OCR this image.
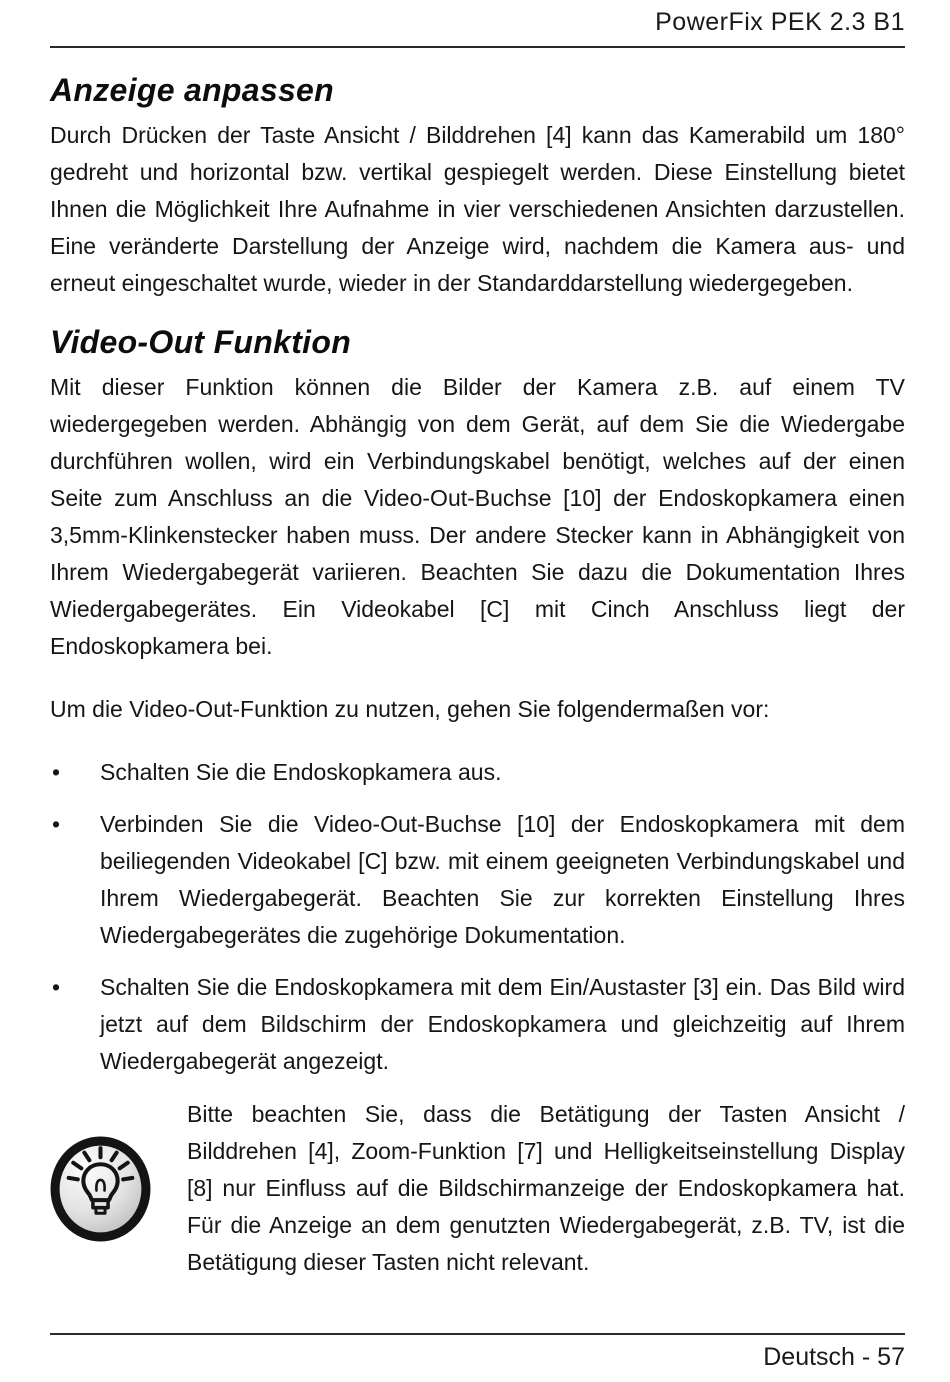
PowerFix PEK 2.3 B1
Anzeige anpassen

Durch Drücken der Taste Ansicht / Bilddrehen [4] kann das Kamerabild um 180° gedreht und horizontal bzw. vertikal gespiegelt werden. Diese Einstellung bietet Ihnen die Möglichkeit Ihre Aufnahme in vier verschiedenen Ansichten darzustellen. Eine veränderte Darstellung der Anzeige wird, nachdem die Kamera aus- und erneut eingeschaltet wurde, wieder in der Standarddarstellung wiedergegeben.

Video-Out Funktion

Mit dieser Funktion können die Bilder der Kamera z.B. auf einem TV wiedergegeben werden. Abhängig von dem Gerät, auf dem Sie die Wiedergabe durchführen wollen, wird ein Verbindungskabel benötigt, welches auf der einen Seite zum Anschluss an die Video-Out-Buchse [10] der Endoskopkamera einen 3,5mm-Klinkenstecker haben muss. Der andere Stecker kann in Abhängigkeit von Ihrem Wiedergabegerät variieren. Beachten Sie dazu die Dokumentation Ihres Wiedergabegerätes. Ein Videokabel [C] mit Cinch Anschluss liegt der Endoskopkamera bei.

Um die Video-Out-Funktion zu nutzen, gehen Sie folgendermaßen vor:

• Schalten Sie die Endoskopkamera aus.
• Verbinden Sie die Video-Out-Buchse [10] der Endoskopkamera mit dem beiliegenden Videokabel [C] bzw. mit einem geeigneten Verbindungskabel und Ihrem Wiedergabegerät. Beachten Sie zur korrekten Einstellung Ihres Wiedergabegerätes die zugehörige Dokumentation.
• Schalten Sie die Endoskopkamera mit dem Ein/Austaster [3] ein. Das Bild wird jetzt auf dem Bildschirm der Endoskopkamera und gleichzeitig auf Ihrem Wiedergabegerät angezeigt.

Bitte beachten Sie, dass die Betätigung der Tasten Ansicht / Bilddrehen [4], Zoom-Funktion [7] und Helligkeitseinstellung Display [8] nur Einfluss auf die Bildschirmanzeige der Endoskopkamera hat. Für die Anzeige an dem genutzten Wiedergabegerät, z.B. TV, ist die Betätigung dieser Tasten nicht relevant.

Deutsch - 57
